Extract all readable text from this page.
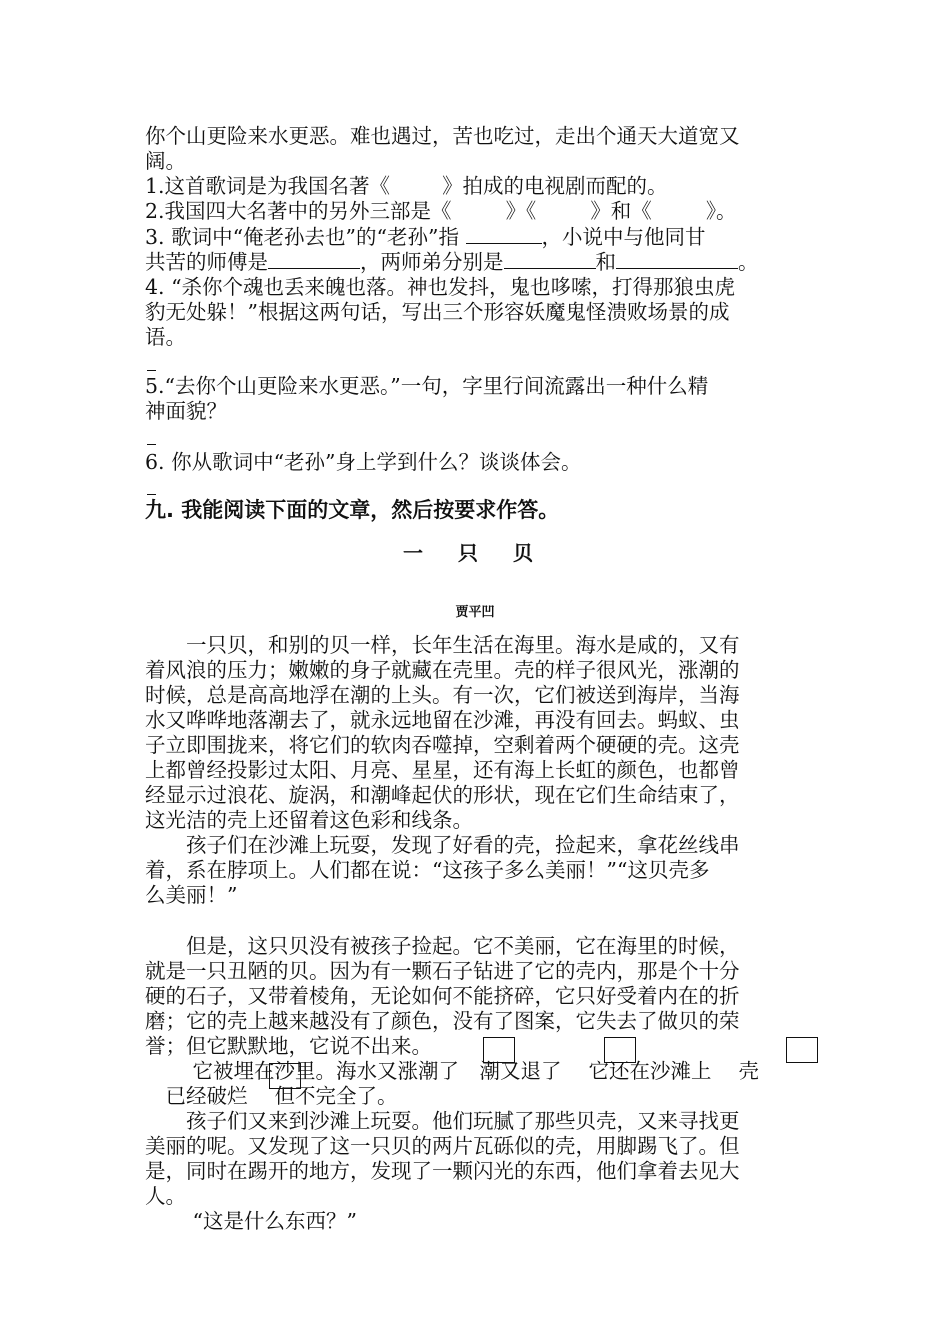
你个山更险来水更恶。难也遇过，苦也吃过，走出个通天大道宽又
阔。
1.这首歌词是为我国名著《	》拍成的电视剧而配的。
2.我国四大名著中的另外三部是《	》《	》和《	》。
3. 歌词中“俺老孙去也”的“老孙”指	，小说中与他同甘
共苦的师傅是	，两师弟分别是	和	。
4. “杀你个魂也丢来魄也落。神也发抖，鬼也哆嗦，打得那狼虫虎
豹无处躲！”根据这两句话，写出三个形容妖魔鬼怪溃败场景的成
语。
5.“去你个山更险来水更恶。”一句，字里行间流露出一种什么精
神面貌？
6. 你从歌词中“老孙”身上学到什么？谈谈体会。
九. 我能阅读下面的文章，然后按要求作答。
一 只 贝
贾平凹
　　一只贝，和别的贝一样，长年生活在海里。海水是咸的，又有
着风浪的压力；嫩嫩的身子就藏在壳里。壳的样子很风光，涨潮的
时候，总是高高地浮在潮的上头。有一次，它们被送到海岸，当海
水又哗哗地落潮去了，就永远地留在沙滩，再没有回去。蚂蚁、虫
子立即围拢来，将它们的软肉吞噬掉，空剩着两个硬硬的壳。这壳
上都曾经投影过太阳、月亮、星星，还有海上长虹的颜色，也都曾
经显示过浪花、旋涡，和潮峰起伏的形状，现在它们生命结束了，
这光洁的壳上还留着这色彩和线条。
　　孩子们在沙滩上玩耍，发现了好看的壳，捡起来，拿花丝线串
着，系在脖项上。人们都在说：“这孩子多么美丽！”“这贝壳多
么美丽！”
　　但是，这只贝没有被孩子捡起。它不美丽，它在海里的时候，
就是一只丑陋的贝。因为有一颗石子钻进了它的壳内，那是个十分
硬的石子，又带着棱角，无论如何不能挤碎，它只好受着内在的折
磨；它的壳上越来越没有了颜色，没有了图案，它失去了做贝的荣
誉；但它默默地，它说不出来。
　　 它被埋在沙里。海水又涨潮了　潮又退了　 它还在沙滩上　 壳
　已经破烂　 但不完全了。
　　孩子们又来到沙滩上玩耍。他们玩腻了那些贝壳，又来寻找更
美丽的呢。又发现了这一只贝的两片瓦砾似的壳，用脚踢飞了。但
是，同时在踢开的地方，发现了一颗闪光的东西，他们拿着去见大
人。
　　 “这是什么东西？”
